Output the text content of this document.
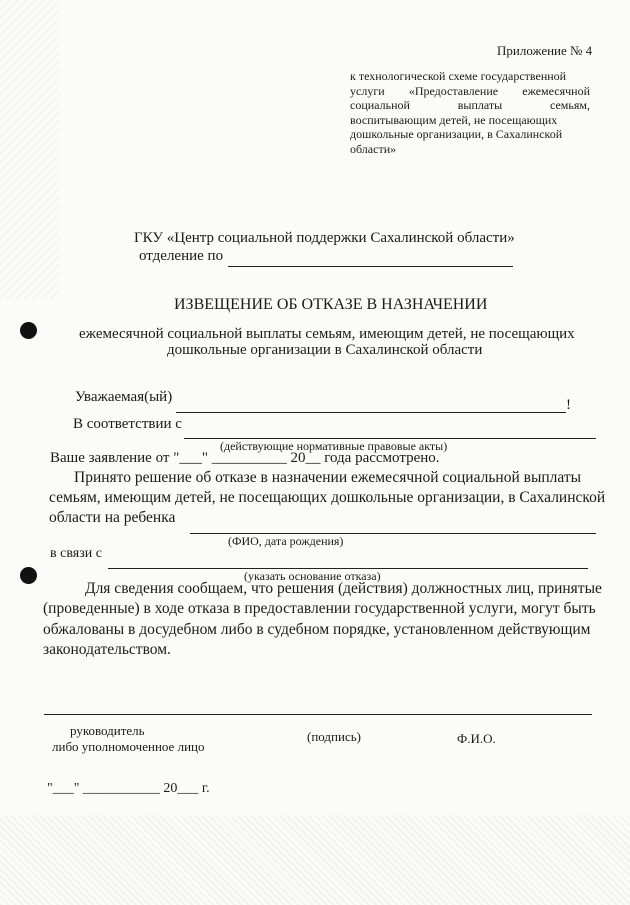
Приложение № 4
к технологической схеме государственной
услуги «Предоставление ежемесячной
социальной выплаты семьям,
воспитывающим детей, не посещающих
дошкольные организации, в Сахалинской
области»
ГКУ «Центр социальной поддержки Сахалинской области»
отделение по
ИЗВЕЩЕНИЕ ОБ ОТКАЗЕ В НАЗНАЧЕНИИ
ежемесячной социальной выплаты семьям, имеющим детей, не посещающих
дошкольные организации в Сахалинской области
Уважаемая(ый)	!
В соответствии с
(действующие нормативные правовые акты)
Ваше заявление от "___" __________ 20__ года рассмотрено.
Принято решение об отказе в назначении ежемесячной социальной выплаты
семьям, имеющим детей, не посещающих дошкольные организации, в Сахалинской
области на ребенка
(ФИО, дата рождения)
в связи с
(указать основание отказа)
Для сведения сообщаем, что решения (действия) должностных лиц, принятые
(проведенные) в ходе отказа в предоставлении государственной услуги, могут быть
обжалованы в досудебном либо в судебном порядке, установленном действующим
законодательством.
руководитель
либо уполномоченное лицо
(подпись)	Ф.И.О.
"___" ___________ 20___ г.
